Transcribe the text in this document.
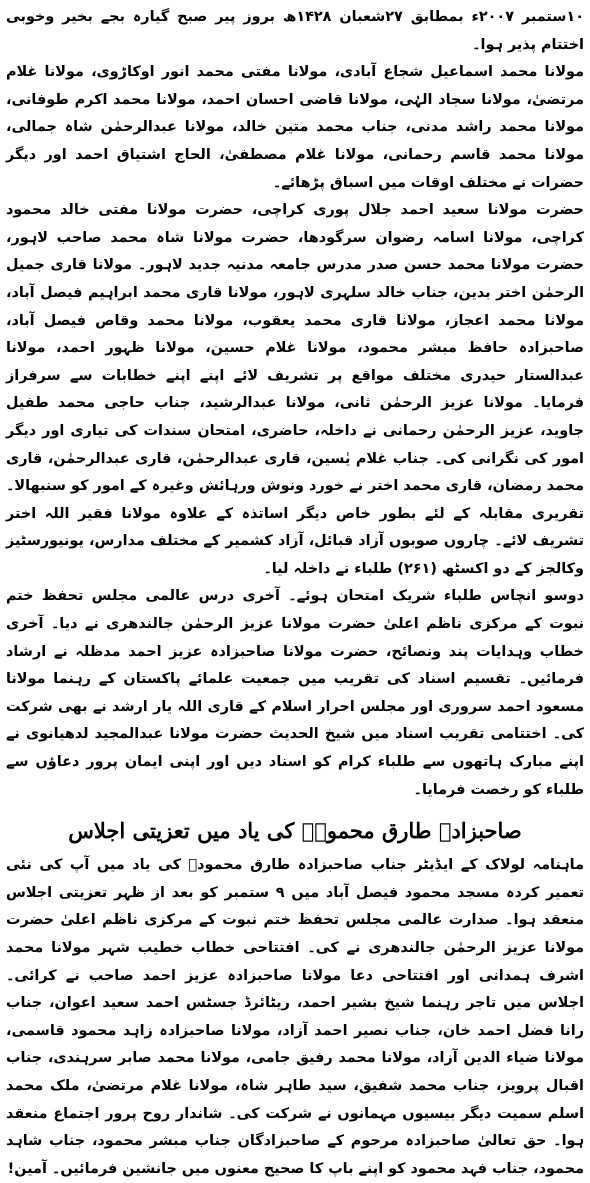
۱۰ستمبر ۲۰۰۷ء بمطابق ۲۷شعبان ۱۴۲۸ھ بروز پیر صبح گیارہ بجے بخیر وخوبی اختتام پذیر ہوا۔

مولانا محمد اسماعیل شجاع آبادی، مولانا مفتی محمد انور اوکاڑوی، مولانا غلام مرتضیٰ، مولانا سجاد الہٰی، مولانا قاضی احسان احمد، مولانا محمد اکرم طوفانی، مولانا محمد راشد مدنی، جناب محمد متین خالد، مولانا عبدالرحمٰن شاہ جمالی، مولانا محمد قاسم رحمانی، مولانا غلام مصطفیٰ، الحاج اشتیاق احمد اور دیگر حضرات نے مختلف اوقات میں اسباق پڑھائے۔

حضرت مولانا سعید احمد جلال پوری کراچی، حضرت مولانا مفتی خالد محمود کراچی، مولانا اسامہ رضوان سرگودھا، حضرت مولانا شاہ محمد صاحب لاہور، حضرت مولانا محمد حسن صدر مدرس جامعہ مدنیہ جدید لاہور۔ مولانا قاری جمیل الرحمٰن اختر بدین، جناب خالد سلہری لاہور، مولانا قاری محمد ابراہیم فیصل آباد، مولانا محمد اعجاز، مولانا قاری محمد یعقوب، مولانا محمد وقاص فیصل آباد، صاحبزادہ حافظ مبشر محمود، مولانا غلام حسین، مولانا ظہور احمد، مولانا عبدالستار حیدری مختلف مواقع پر تشریف لائے اپنے اپنے خطابات سے سرفراز فرمایا۔ مولانا عزیز الرحمٰن ثانی، مولانا عبدالرشید، جناب حاجی محمد طفیل جاوید، عزیز الرحمٰن رحمانی نے داخلہ، حاضری، امتحان سندات کی تیاری اور دیگر امور کی نگرانی کی۔ جناب غلام یٰسین، قاری عبدالرحمٰن، قاری عبدالرحمٰن، قاری محمد رمضان، قاری محمد اختر نے خورد ونوش ورہائش وغیرہ کے امور کو سنبھالا۔ تقریری مقابلہ کے لئے بطور خاص دیگر اساتذہ کے علاوہ مولانا فقیر اللہ اختر تشریف لائے۔ چاروں صوبوں آزاد قبائل، آزاد کشمیر کے مختلف مدارس، یونیورسٹیز وکالجز کے دو اکسٹھ (۲۶۱) طلباء نے داخلہ لیا۔

دوسو انچاس طلباء شریک امتحان ہوئے۔ آخری درس عالمی مجلس تحفظ ختم نبوت کے مرکزی ناظم اعلیٰ حضرت مولانا عزیز الرحمٰن جالندھری نے دیا۔ آخری خطاب وہدایات پند ونصائح، حضرت مولانا صاحبزادہ عزیز احمد مدظلہ نے ارشاد فرمائیں۔ تقسیم اسناد کی تقریب میں جمعیت علمائے پاکستان کے رہنما مولانا مسعود احمد سروری اور مجلس احرار اسلام کے قاری اللہ یار ارشد نے بھی شرکت کی۔ اختتامی تقریب اسناد میں شیخ الحدیث حضرت مولانا عبدالمجید لدھیانوی نے اپنے مبارک ہاتھوں سے طلباء کرام کو اسناد دیں اور اپنی ایمان پرور دعاؤں سے طلباء کو رخصت فرمایا۔

صاحبزادہ طارق محمودؒ کی یاد میں تعزیتی اجلاس

ماہنامہ لولاک کے ایڈیٹر جناب صاحبزادہ طارق محمودؒ کی یاد میں آپ کی نئی تعمیر کردہ مسجد محمود فیصل آباد میں ۹ ستمبر کو بعد از ظہر تعزیتی اجلاس منعقد ہوا۔ صدارت عالمی مجلس تحفظ ختم نبوت کے مرکزی ناظم اعلیٰ حضرت مولانا عزیز الرحمٰن جالندھری نے کی۔ افتتاحی خطاب خطیب شہر مولانا محمد اشرف ہمدانی اور افتتاحی دعا مولانا صاحبزادہ عزیز احمد صاحب نے کرائی۔ اجلاس میں تاجر رہنما شیخ بشیر احمد، ریٹائرڈ جسٹس احمد سعید اعوان، جناب رانا فضل احمد خان، جناب نصیر احمد آزاد، مولانا صاحبزادہ زاہد محمود قاسمی، مولانا ضیاء الدین آزاد، مولانا محمد رفیق جامی، مولانا محمد صابر سرہندی، جناب اقبال پرویز، جناب محمد شفیق، سید طاہر شاہ، مولانا غلام مرتضیٰ، ملک محمد اسلم سمیت دیگر بیسیوں مہمانوں نے شرکت کی۔ شاندار روح پرور اجتماع منعقد ہوا۔ حق تعالیٰ صاحبزادہ مرحوم کے صاحبزادگان جناب مبشر محمود، جناب شاہد محمود، جناب فہد محمود کو اپنے باپ کا صحیح معنوں میں جانشین فرمائیں۔ آمین!
